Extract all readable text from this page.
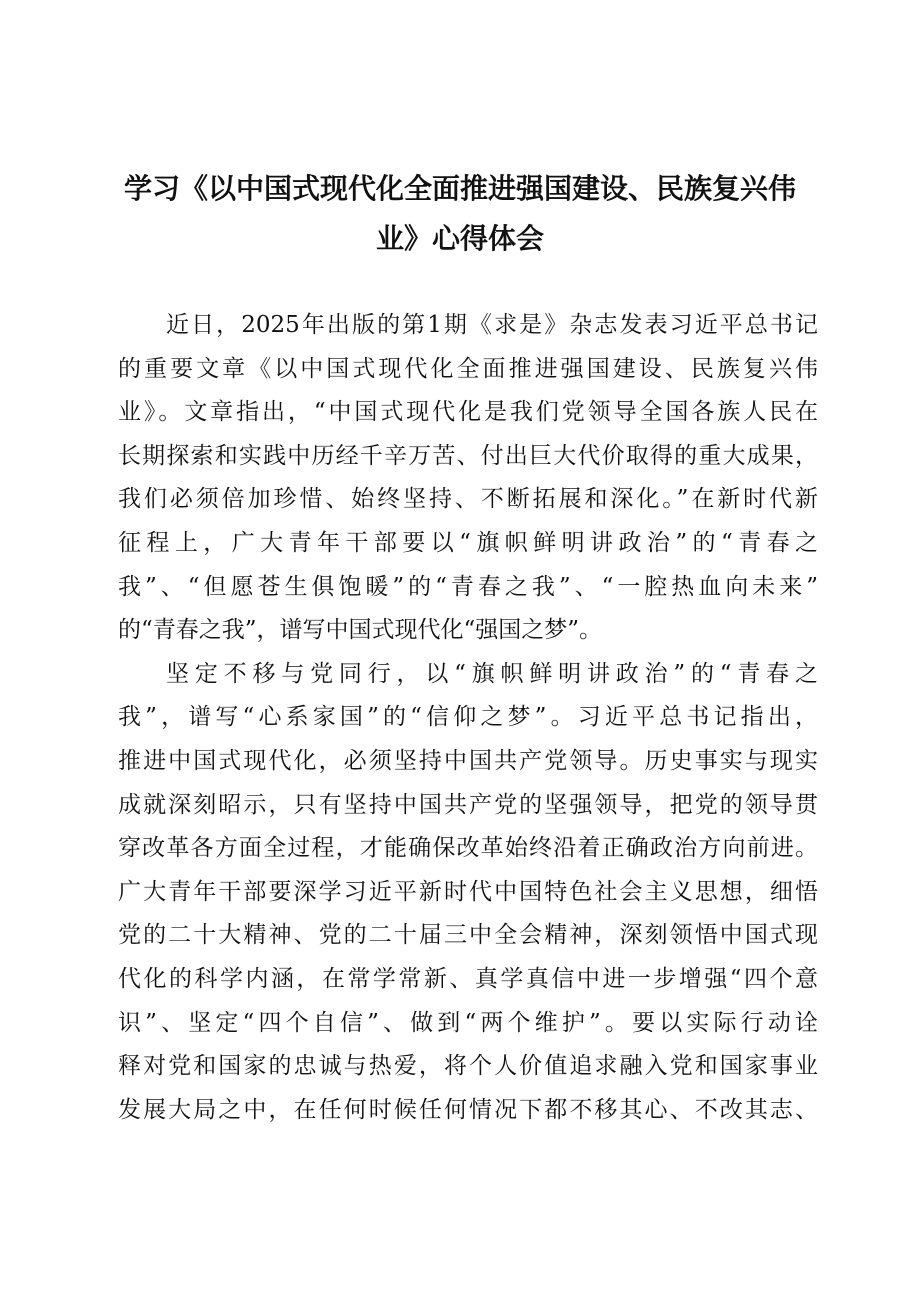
学习《以中国式现代化全面推进强国建设、民族复兴伟
业》心得体会
近日，2025年出版的第1期《求是》杂志发表习近平总书记
的重要文章《以中国式现代化全面推进强国建设、民族复兴伟
业》。文章指出，“中国式现代化是我们党领导全国各族人民在
长期探索和实践中历经千辛万苦、付出巨大代价取得的重大成果，
我们必须倍加珍惜、始终坚持、不断拓展和深化。”在新时代新
征程上，广大青年干部要以“旗帜鲜明讲政治”的“青春之
我”、“但愿苍生俱饱暖”的“青春之我”、“一腔热血向未来”
的“青春之我”，谱写中国式现代化“强国之梦”。
坚定不移与党同行，以“旗帜鲜明讲政治”的“青春之
我”，谱写“心系家国”的“信仰之梦”。习近平总书记指出，
推进中国式现代化，必须坚持中国共产党领导。历史事实与现实
成就深刻昭示，只有坚持中国共产党的坚强领导，把党的领导贯
穿改革各方面全过程，才能确保改革始终沿着正确政治方向前进。
广大青年干部要深学习近平新时代中国特色社会主义思想，细悟
党的二十大精神、党的二十届三中全会精神，深刻领悟中国式现
代化的科学内涵，在常学常新、真学真信中进一步增强“四个意
识”、坚定“四个自信”、做到“两个维护”。要以实际行动诠
释对党和国家的忠诚与热爱，将个人价值追求融入党和国家事业
发展大局之中，在任何时候任何情况下都不移其心、不改其志、
